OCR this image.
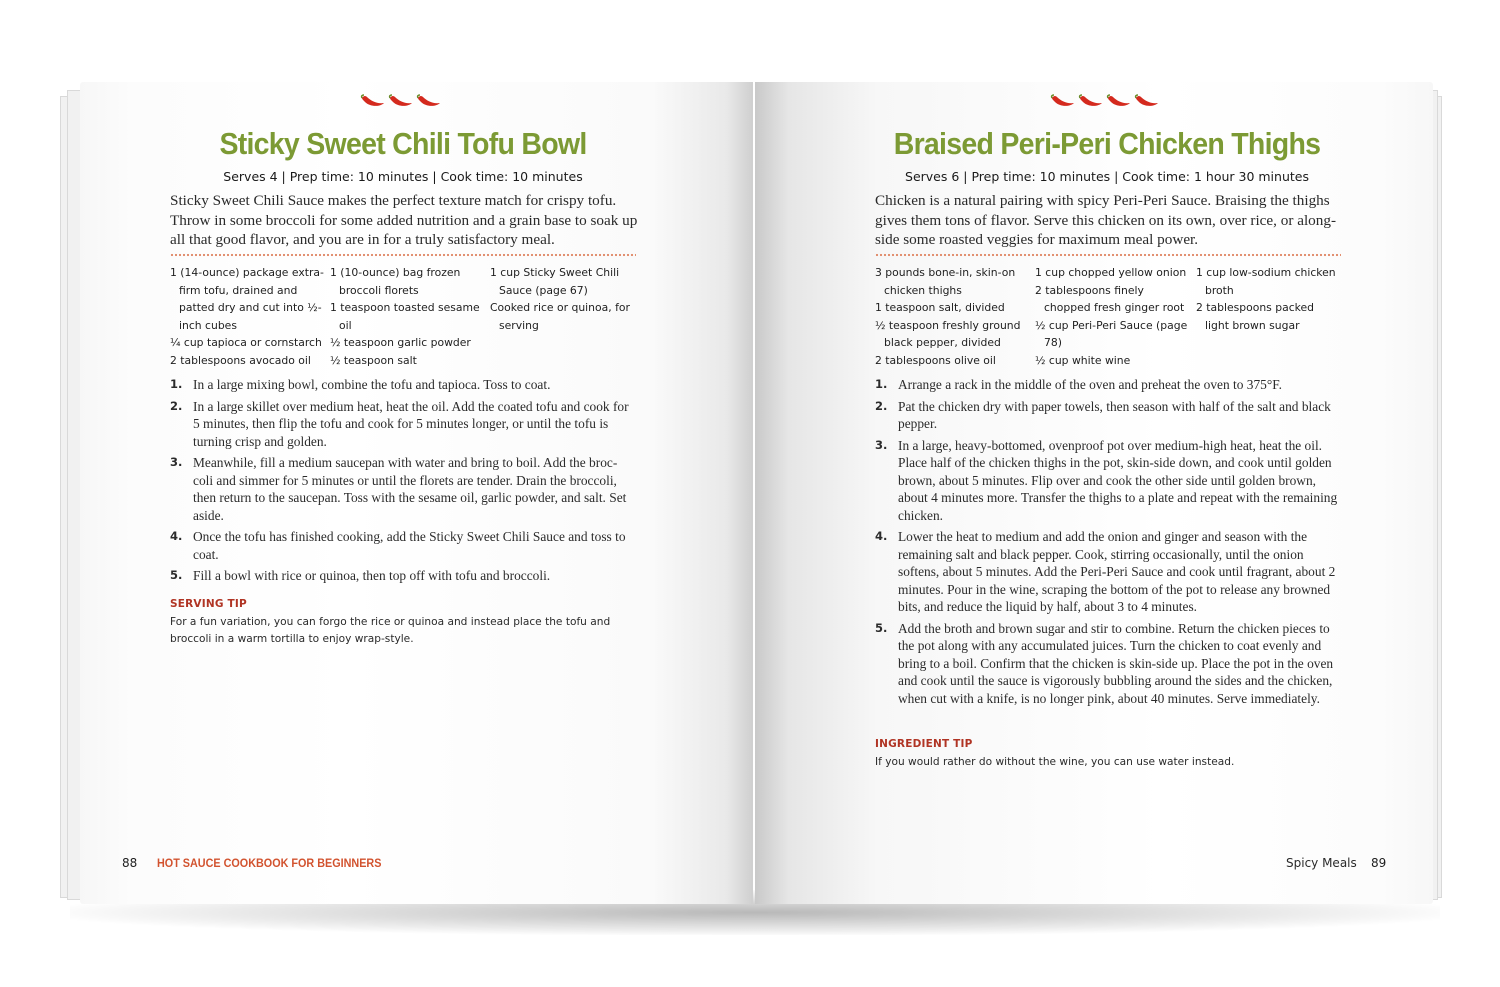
Sticky Sweet Chili Tofu Bowl
Serves 4 | Prep time: 10 minutes | Cook time: 10 minutes
Sticky Sweet Chili Sauce makes the perfect texture match for crispy tofu. Throw in some broccoli for some added nutrition and a grain base to soak up all that good flavor, and you are in for a truly satisfactory meal.
1 (14-ounce) package extra-firm tofu, drained and patted dry and cut into ½-inch cubes
¼ cup tapioca or cornstarch
2 tablespoons avocado oil
1 (10-ounce) bag frozen broccoli florets
1 teaspoon toasted sesame oil
½ teaspoon garlic powder
½ teaspoon salt
1 cup Sticky Sweet Chili Sauce (page 67)
Cooked rice or quinoa, for serving
1. In a large mixing bowl, combine the tofu and tapioca. Toss to coat.
2. In a large skillet over medium heat, heat the oil. Add the coated tofu and cook for 5 minutes, then flip the tofu and cook for 5 minutes longer, or until the tofu is turning crisp and golden.
3. Meanwhile, fill a medium saucepan with water and bring to boil. Add the broc-coli and simmer for 5 minutes or until the florets are tender. Drain the broccoli, then return to the saucepan. Toss with the sesame oil, garlic powder, and salt. Set aside.
4. Once the tofu has finished cooking, add the Sticky Sweet Chili Sauce and toss to coat.
5. Fill a bowl with rice or quinoa, then top off with tofu and broccoli.
SERVING TIP
For a fun variation, you can forgo the rice or quinoa and instead place the tofu and broccoli in a warm tortilla to enjoy wrap-style.
88 HOT SAUCE COOKBOOK FOR BEGINNERS
Braised Peri-Peri Chicken Thighs
Serves 6 | Prep time: 10 minutes | Cook time: 1 hour 30 minutes
Chicken is a natural pairing with spicy Peri-Peri Sauce. Braising the thighs gives them tons of flavor. Serve this chicken on its own, over rice, or along-side some roasted veggies for maximum meal power.
3 pounds bone-in, skin-on chicken thighs
1 teaspoon salt, divided
½ teaspoon freshly ground black pepper, divided
2 tablespoons olive oil
1 cup chopped yellow onion
2 tablespoons finely chopped fresh ginger root
½ cup Peri-Peri Sauce (page 78)
½ cup white wine
1 cup low-sodium chicken broth
2 tablespoons packed light brown sugar
1. Arrange a rack in the middle of the oven and preheat the oven to 375°F.
2. Pat the chicken dry with paper towels, then season with half of the salt and black pepper.
3. In a large, heavy-bottomed, ovenproof pot over medium-high heat, heat the oil. Place half of the chicken thighs in the pot, skin-side down, and cook until golden brown, about 5 minutes. Flip over and cook the other side until golden brown, about 4 minutes more. Transfer the thighs to a plate and repeat with the remaining chicken.
4. Lower the heat to medium and add the onion and ginger and season with the remaining salt and black pepper. Cook, stirring occasionally, until the onion softens, about 5 minutes. Add the Peri-Peri Sauce and cook until fragrant, about 2 minutes. Pour in the wine, scraping the bottom of the pot to release any browned bits, and reduce the liquid by half, about 3 to 4 minutes.
5. Add the broth and brown sugar and stir to combine. Return the chicken pieces to the pot along with any accumulated juices. Turn the chicken to coat evenly and bring to a boil. Confirm that the chicken is skin-side up. Place the pot in the oven and cook until the sauce is vigorously bubbling around the sides and the chicken, when cut with a knife, is no longer pink, about 40 minutes. Serve immediately.
INGREDIENT TIP
If you would rather do without the wine, you can use water instead.
Spicy Meals 89
